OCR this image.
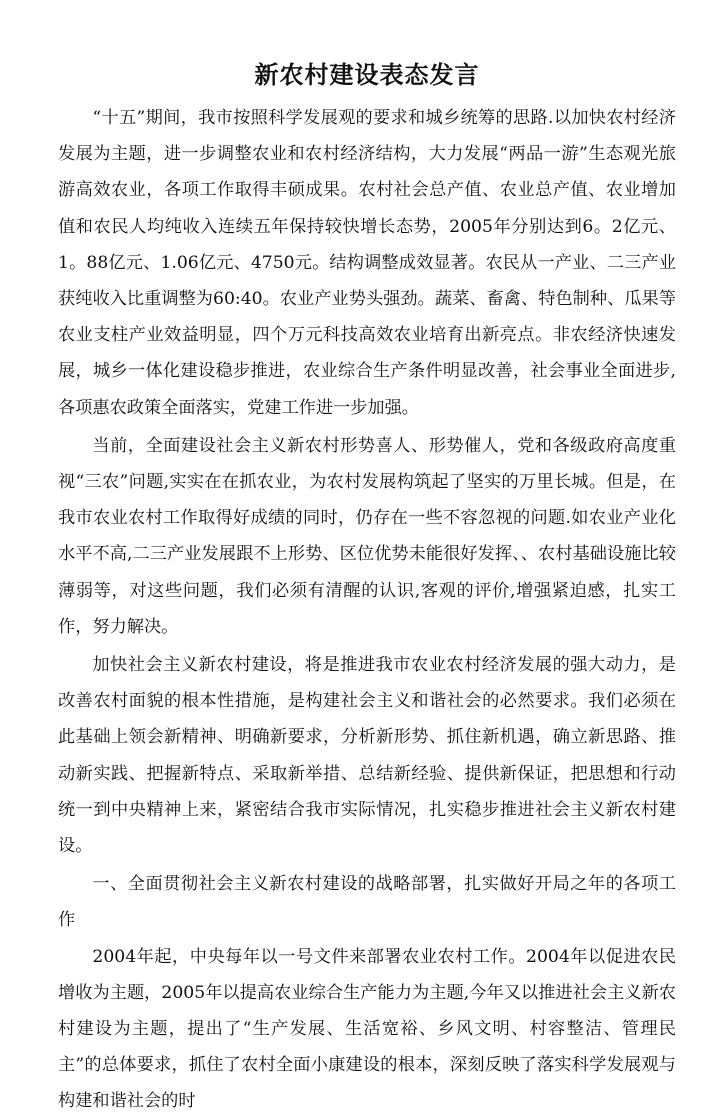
新农村建设表态发言

“十五”期间，我市按照科学发展观的要求和城乡统筹的思路.以加快农村经济发展为主题，进一步调整农业和农村经济结构，大力发展“两品一游”生态观光旅游高效农业，各项工作取得丰硕成果。农村社会总产值、农业总产值、农业增加值和农民人均纯收入连续五年保持较快增长态势，2005年分别达到6。2亿元、1。88亿元、1.06亿元、4750元。结构调整成效显著。农民从一产业、二三产业获纯收入比重调整为60:40。农业产业势头强劲。蔬菜、畜禽、特色制种、瓜果等农业支柱产业效益明显，四个万元科技高效农业培育出新亮点。非农经济快速发展，城乡一体化建设稳步推进，农业综合生产条件明显改善，社会事业全面进步,各项惠农政策全面落实，党建工作进一步加强。

当前，全面建设社会主义新农村形势喜人、形势催人，党和各级政府高度重视“三农”问题,实实在在抓农业，为农村发展构筑起了坚实的万里长城。但是，在我市农业农村工作取得好成绩的同时，仍存在一些不容忽视的问题.如农业产业化水平不高,二三产业发展跟不上形势、区位优势未能很好发挥、、农村基础设施比较薄弱等，对这些问题，我们必须有清醒的认识,客观的评价,增强紧迫感，扎实工作，努力解决。

加快社会主义新农村建设，将是推进我市农业农村经济发展的强大动力，是改善农村面貌的根本性措施，是构建社会主义和谐社会的必然要求。我们必须在此基础上领会新精神、明确新要求，分析新形势、抓住新机遇，确立新思路、推动新实践、把握新特点、采取新举措、总结新经验、提供新保证，把思想和行动统一到中央精神上来，紧密结合我市实际情况，扎实稳步推进社会主义新农村建设。

一、全面贯彻社会主义新农村建设的战略部署，扎实做好开局之年的各项工作

2004年起，中央每年以一号文件来部署农业农村工作。2004年以促进农民增收为主题，2005年以提高农业综合生产能力为主题,今年又以推进社会主义新农村建设为主题，提出了“生产发展、生活宽裕、乡风文明、村容整洁、管理民主”的总体要求，抓住了农村全面小康建设的根本，深刻反映了落实科学发展观与构建和谐社会的时
